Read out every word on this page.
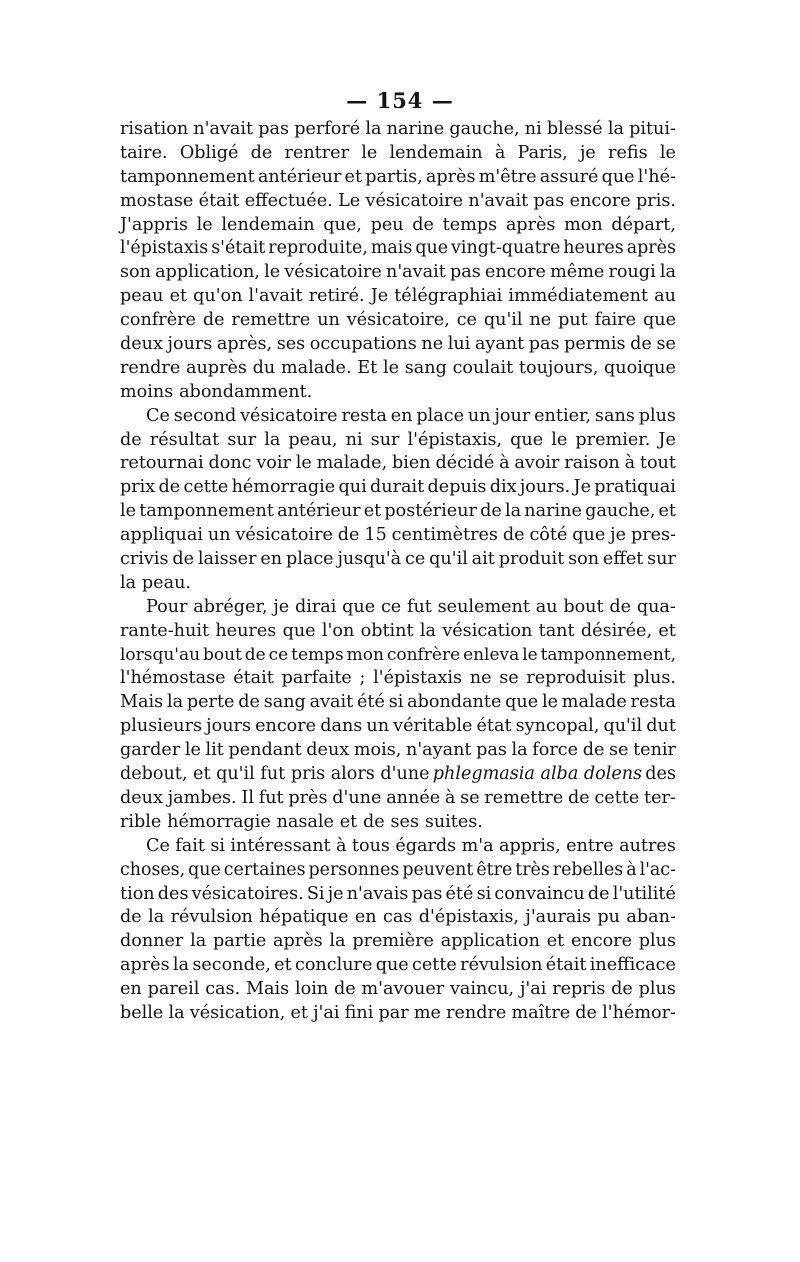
— 154 —
risation n'avait pas perforé la narine gauche, ni blessé la pitui-
taire. Obligé de rentrer le lendemain à Paris, je refis le
tamponnement antérieur et partis, après m'être assuré que l'hé-
mostase était effectuée. Le vésicatoire n'avait pas encore pris.
J'appris le lendemain que, peu de temps après mon départ,
l'épistaxis s'était reproduite, mais que vingt-quatre heures après
son application, le vésicatoire n'avait pas encore même rougi la
peau et qu'on l'avait retiré. Je télégraphiai immédiatement au
confrère de remettre un vésicatoire, ce qu'il ne put faire que
deux jours après, ses occupations ne lui ayant pas permis de se
rendre auprès du malade. Et le sang coulait toujours, quoique
moins abondamment.
Ce second vésicatoire resta en place un jour entier, sans plus
de résultat sur la peau, ni sur l'épistaxis, que le premier. Je
retournai donc voir le malade, bien décidé à avoir raison à tout
prix de cette hémorragie qui durait depuis dix jours. Je pratiquai
le tamponnement antérieur et postérieur de la narine gauche, et
appliquai un vésicatoire de 15 centimètres de côté que je pres-
crivis de laisser en place jusqu'à ce qu'il ait produit son effet sur
la peau.
Pour abréger, je dirai que ce fut seulement au bout de qua-
rante-huit heures que l'on obtint la vésication tant désirée, et
lorsqu'au bout de ce temps mon confrère enleva le tamponnement,
l'hémostase était parfaite ; l'épistaxis ne se reproduisit plus.
Mais la perte de sang avait été si abondante que le malade resta
plusieurs jours encore dans un véritable état syncopal, qu'il dut
garder le lit pendant deux mois, n'ayant pas la force de se tenir
debout, et qu'il fut pris alors d'une phlegmasia alba dolens des
deux jambes. Il fut près d'une année à se remettre de cette ter-
rible hémorragie nasale et de ses suites.
Ce fait si intéressant à tous égards m'a appris, entre autres
choses, que certaines personnes peuvent être très rebelles à l'ac-
tion des vésicatoires. Si je n'avais pas été si convaincu de l'utilité
de la révulsion hépatique en cas d'épistaxis, j'aurais pu aban-
donner la partie après la première application et encore plus
après la seconde, et conclure que cette révulsion était inefficace
en pareil cas. Mais loin de m'avouer vaincu, j'ai repris de plus
belle la vésication, et j'ai fini par me rendre maître de l'hémor-
